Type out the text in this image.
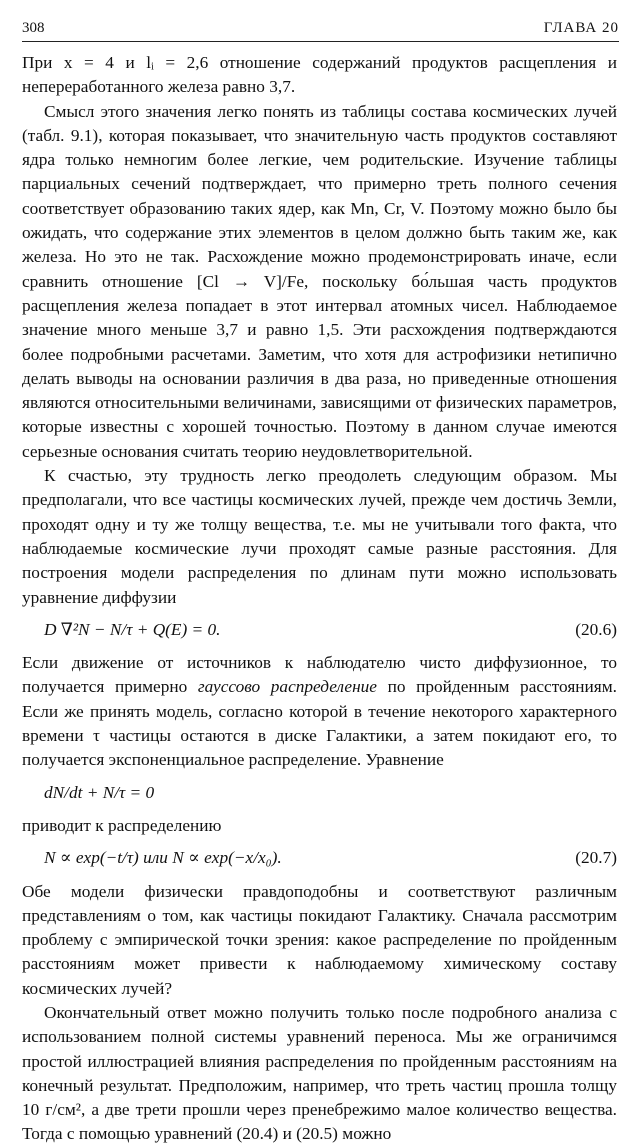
308	ГЛАВА 20

При x = 4 и lᵢ = 2,6 отношение содержаний продуктов расщепления и непереработанного железа равно 3,7.

Смысл этого значения легко понять из таблицы состава космических лучей (табл. 9.1), которая показывает, что значительную часть продуктов составляют ядра только немногим более легкие, чем родительские. Изучение таблицы парциальных сечений подтверждает, что примерно треть полного сечения соответствует образованию таких ядер, как Mn, Cr, V. Поэтому можно было бы ожидать, что содержание этих элементов в целом должно быть таким же, как железа. Но это не так. Расхождение можно продемонстрировать иначе, если сравнить отношение [Cl → V]/Fe, поскольку бо́льшая часть продуктов расщепления железа попадает в этот интервал атомных чисел. Наблюдаемое значение много меньше 3,7 и равно 1,5. Эти расхождения подтверждаются более подробными расчетами. Заметим, что хотя для астрофизики нетипично делать выводы на основании различия в два раза, но приведенные отношения являются относительными величинами, зависящими от физических параметров, которые известны с хорошей точностью. Поэтому в данном случае имеются серьезные основания считать теорию неудовлетворительной.

К счастью, эту трудность легко преодолеть следующим образом. Мы предполагали, что все частицы космических лучей, прежде чем достичь Земли, проходят одну и ту же толщу вещества, т.е. мы не учитывали того факта, что наблюдаемые космические лучи проходят самые разные расстояния. Для построения модели распределения по длинам пути можно использовать уравнение диффузии

D ∇²N − N/τ + Q(E) = 0.	(20.6)

Если движение от источников к наблюдателю чисто диффузионное, то получается примерно гауссово распределение по пройденным расстояниям. Если же принять модель, согласно которой в течение некоторого характерного времени τ частицы остаются в диске Галактики, а затем покидают его, то получается экспоненциальное распределение. Уравнение

dN/dt + N/τ = 0

приводит к распределению

N ∝ exp(−t/τ) или N ∝ exp(−x/x₀).	(20.7)

Обе модели физически правдоподобны и соответствуют различным представлениям о том, как частицы покидают Галактику. Сначала рассмотрим проблему с эмпирической точки зрения: какое распределение по пройденным расстояниям может привести к наблюдаемому химическому составу космических лучей?

Окончательный ответ можно получить только после подробного анализа с использованием полной системы уравнений переноса. Мы же ограничимся простой иллюстрацией влияния распределения по пройденным расстояниям на конечный результат. Предположим, например, что треть частиц прошла толщу 10 г/см², а две трети прошли через пренебрежимо малое количество вещества. Тогда с помощью уравнений (20.4) и (20.5) можно
